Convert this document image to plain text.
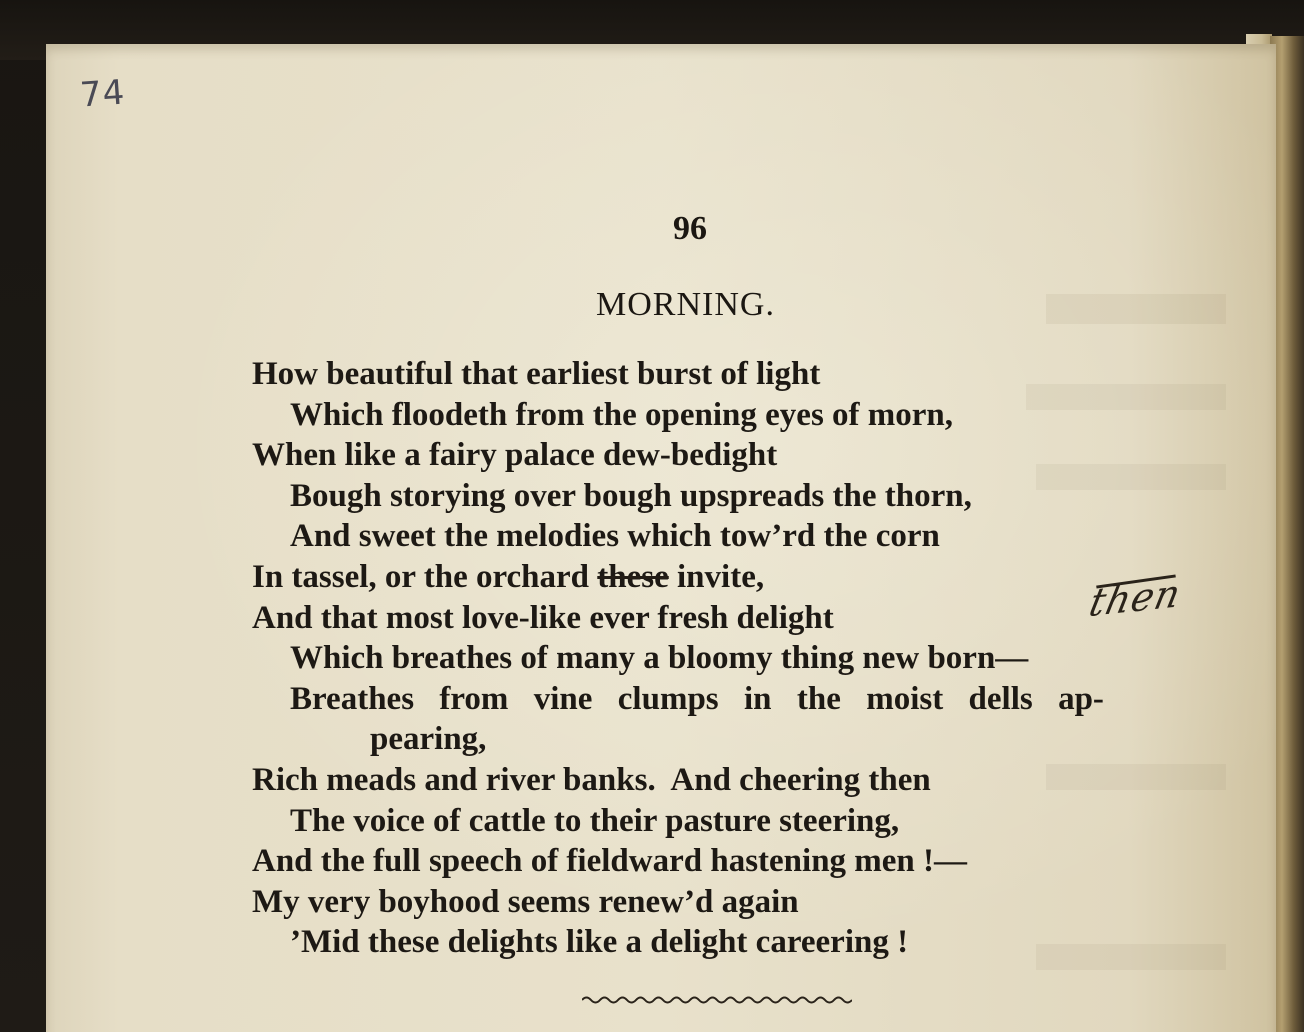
74
96
MORNING.
How beautiful that earliest burst of light
Which floodeth from the opening eyes of morn,
When like a fairy palace dew-bedight
Bough storying over bough upspreads the thorn,
And sweet the melodies which tow’rd the corn
In tassel, or the orchard these invite,
And that most love-like ever fresh delight
Which breathes of many a bloomy thing new born—
Breathes from vine clumps in the moist dells ap-
pearing,
Rich meads and river banks.  And cheering then
The voice of cattle to their pasture steering,
And the full speech of fieldward hastening men !—
My very boyhood seems renew’d again
’Mid these delights like a delight careering !
then
